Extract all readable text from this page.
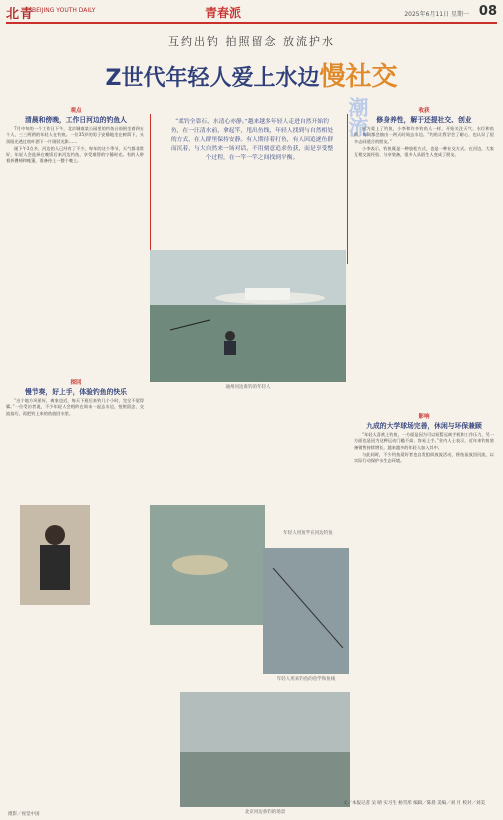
北青
BEIJING YOUTH DAILY	青春派	2025年6月11日 星期一 08
互约出钓 拍照留念 放流护水
Z世代年轻人爱上水边慢社交
“柔钓全靠石、水清心亦静。”越来越多年轻人走进自然开始钓鱼，在一汪清水前，拿起竿，甩出鱼线，年轻人找到与自然相处的方式，在人群里保持安静。有人期待着打鱼，有人因追逐鱼群而沉着，与大自然来一场对话，不用刻意追求鱼获，而是享受整个过程，在一竿一竿之间找到平衡。
潮流
观点
清晨和傍晚，工作日河边的钓鱼人

7月中旬的一个工作日下午，北京城南某公园里的钓鱼台前围坐着四五个人，三三两两的年轻人在钓鱼。一位35岁的男子安静地坐在树荫下，头顶阳光透过枝叶洒下一片斑驳光影……

刚下午3点多，河边的人已经有了不少，每年的这个季节，天气都非常好，年轻人会选择在晚饭后来河边钓鱼，享受难得的宁静时光。有的人带着折叠椅和帐篷，准备待上一整个晚上。

探回
慢节奏，好上手，体验钓鱼的快乐

“这个地方风景好，离家也近，每天下班后来钓几个小时，完全不觉得累。”一位受访者说，不少年轻人会相约在周末一起去水边，拍照留念、交流技巧，再把钓上来的鱼放回水里。

收获
修身养性，解于还提社交、创业

因为爱上了钓鱼，小李和许多钓鱼人一样，开始关注天气、水位和鱼情，每周都会抽出一两天时间去水边。“钓鱼让我学会了耐心，也认识了很多志同道合的朋友。”

小李表示，钓鱼既是一种放松方式，也是一种社交方式。在河边，大家互相交流经验、分享装备，很多人从陌生人变成了朋友。

影响
九成的大学球场完善，休闲与环保兼顾

“年轻人喜欢上钓鱼，一方面是因为可以短暂远离手机和工作压力，另一方面也是因为这种运动门槛不高、容易上手。”业内人士表示，近年来钓鱼装备销售持续增长，越来越多的年轻人加入其中。

与此同时，不少钓鱼爱好者也自发组织放流活动，将鱼苗放回河流，以实际行动保护水生态环境。

通州河边垂钓的年轻人
年轻人用鱼竿在河边钓鱼
年轻人用来钓鱼的鱼竿和鱼线
北京河边垂钓的场景
摄影／视觉中国
文／本报记者 吴 晴 实习生 杨雪彤 编辑／陈晨 美编／刘 月 校对／刘美
